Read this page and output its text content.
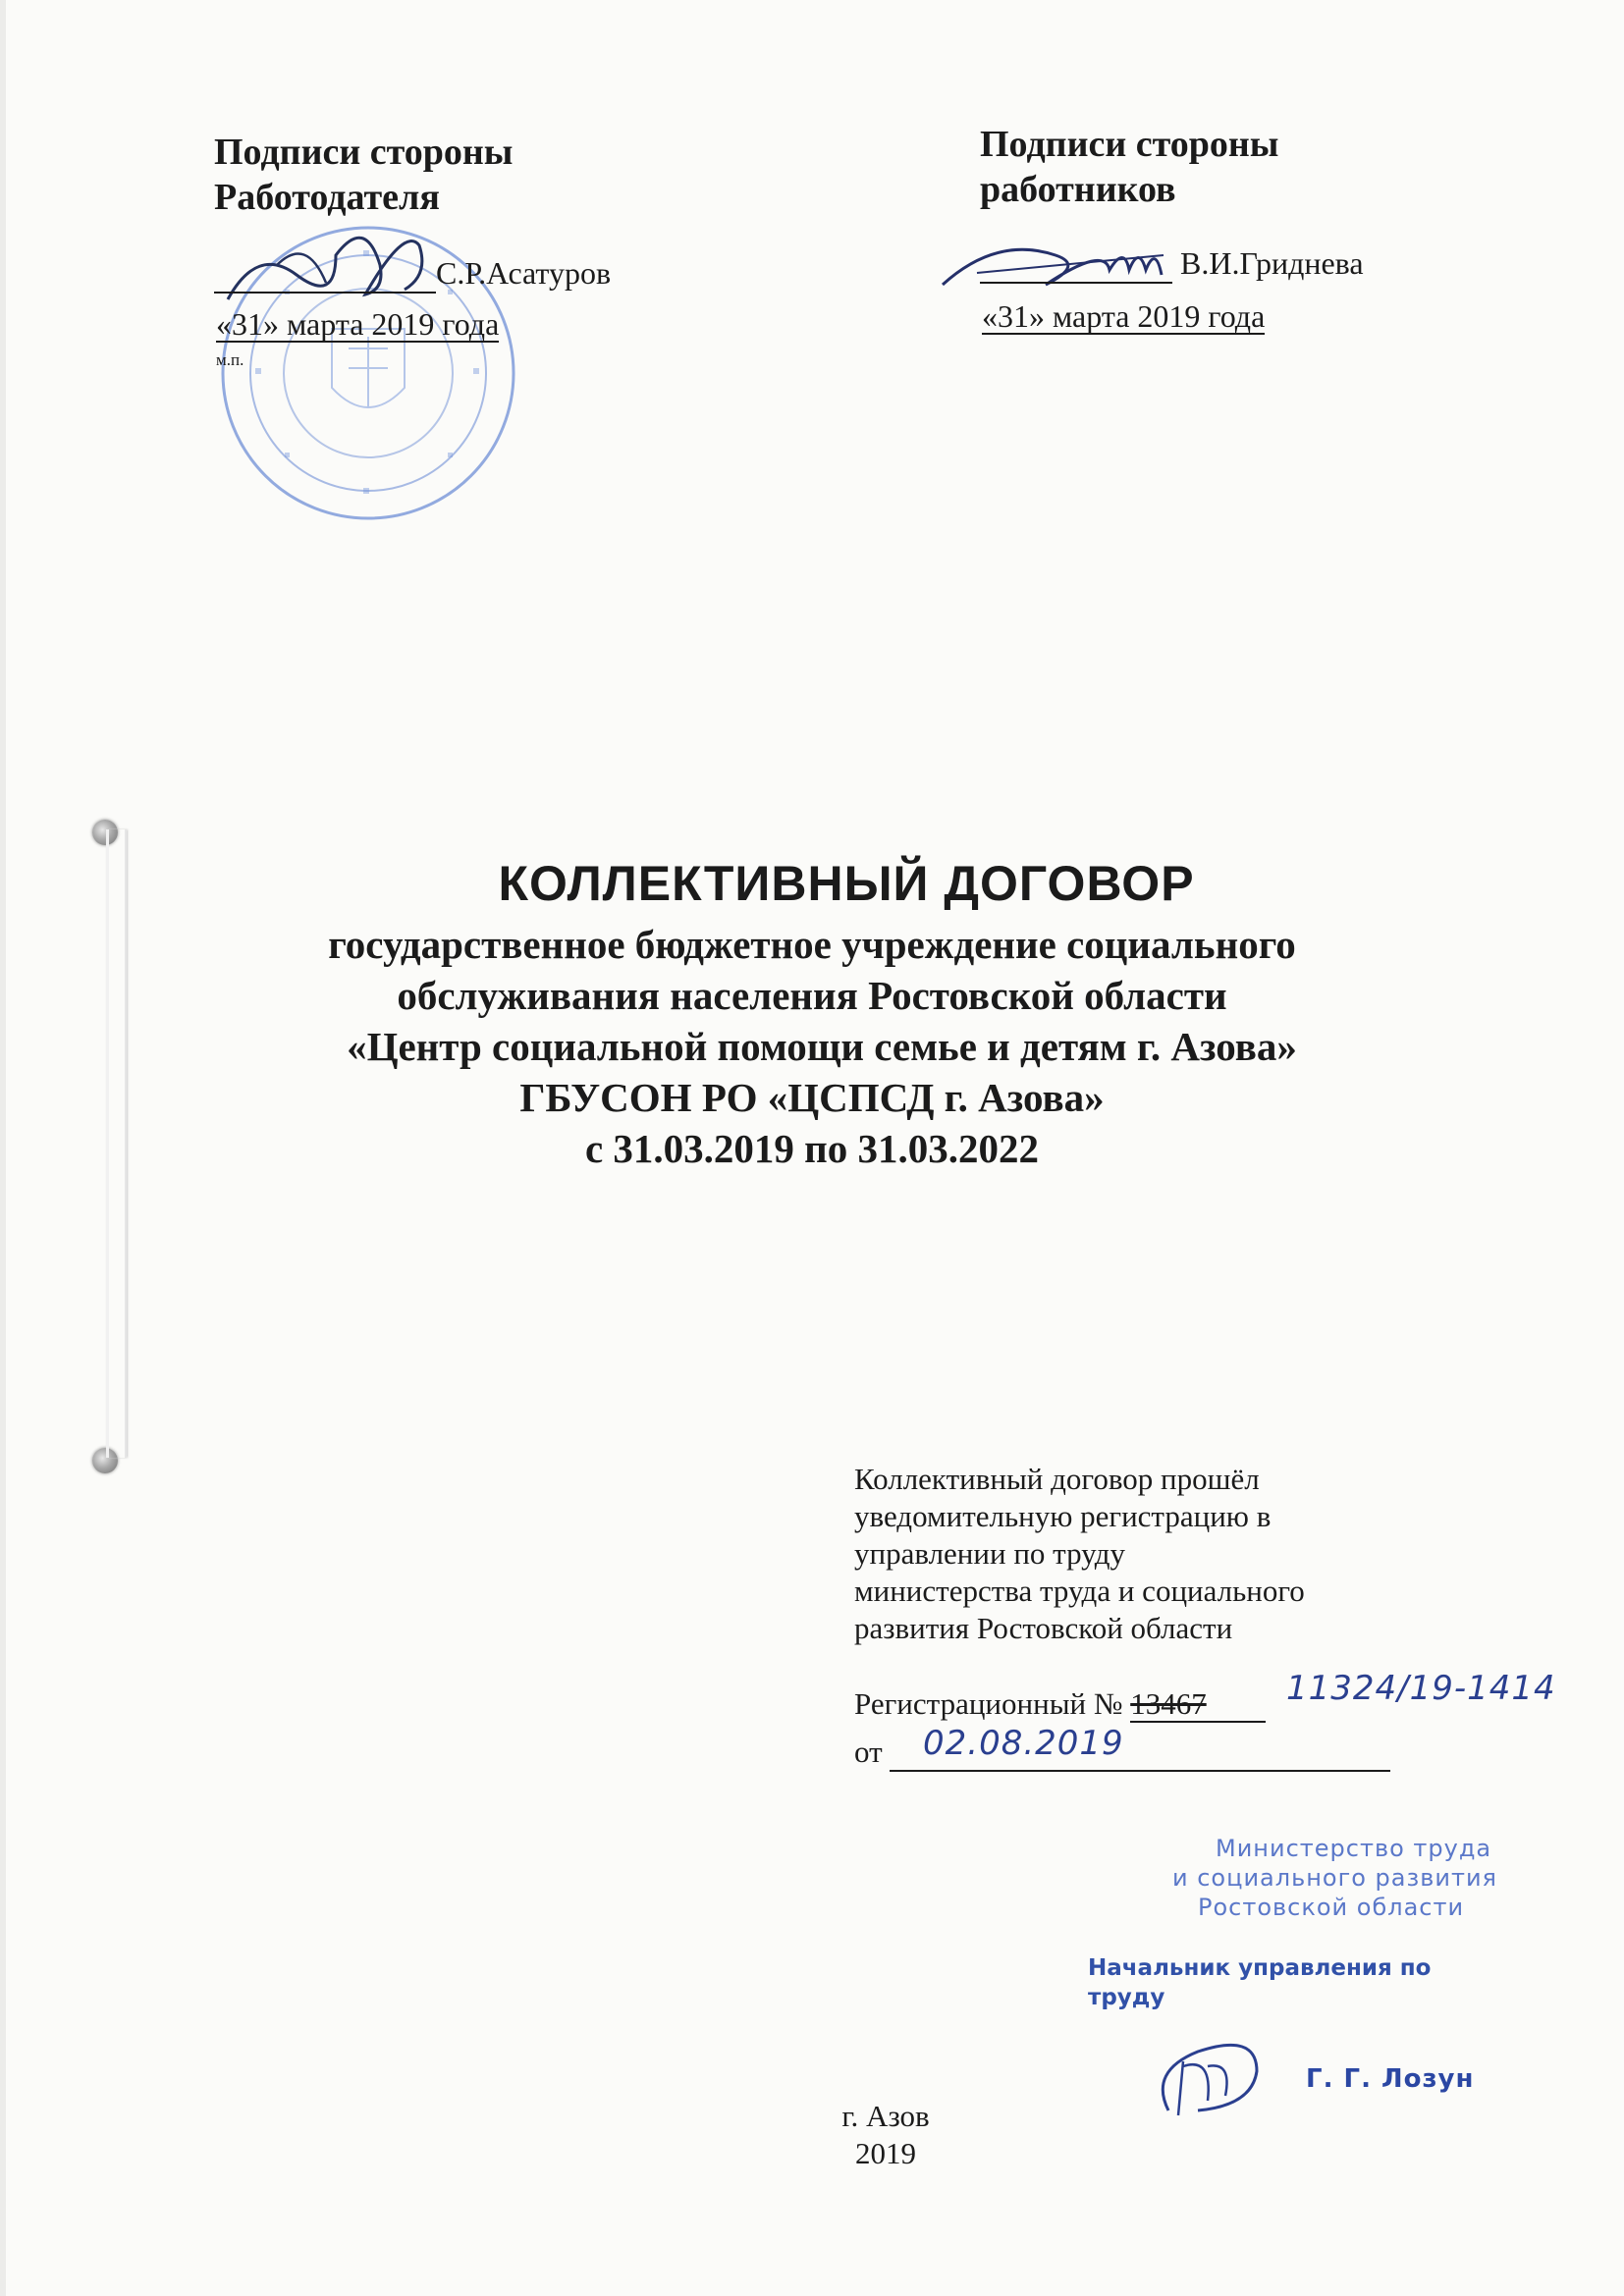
Подписи стороны

Работодателя

С.Р.Асатуров
«31» марта 2019 года
м.п.

Подписи стороны

работников

В.И.Гриднева
«31» марта 2019 года

КОЛЛЕКТИВНЫЙ ДОГОВОР

государственное бюджетное учреждение социального

обслуживания населения Ростовской области

«Центр социальной помощи семье и детям г. Азова»

ГБУСОН РО «ЦСПСД г. Азова»

с 31.03.2019 по 31.03.2022

Коллективный договор прошёл

уведомительную регистрацию в

управлении по труду

министерства труда и социального

развития Ростовской области

Регистрационный № 13467	11324/19-1414
от	02.08.2019

Министерство труда

и социального развития

Ростовской области

Начальник управления по

труду

Г. Г. Лозун

г. Азов

2019
